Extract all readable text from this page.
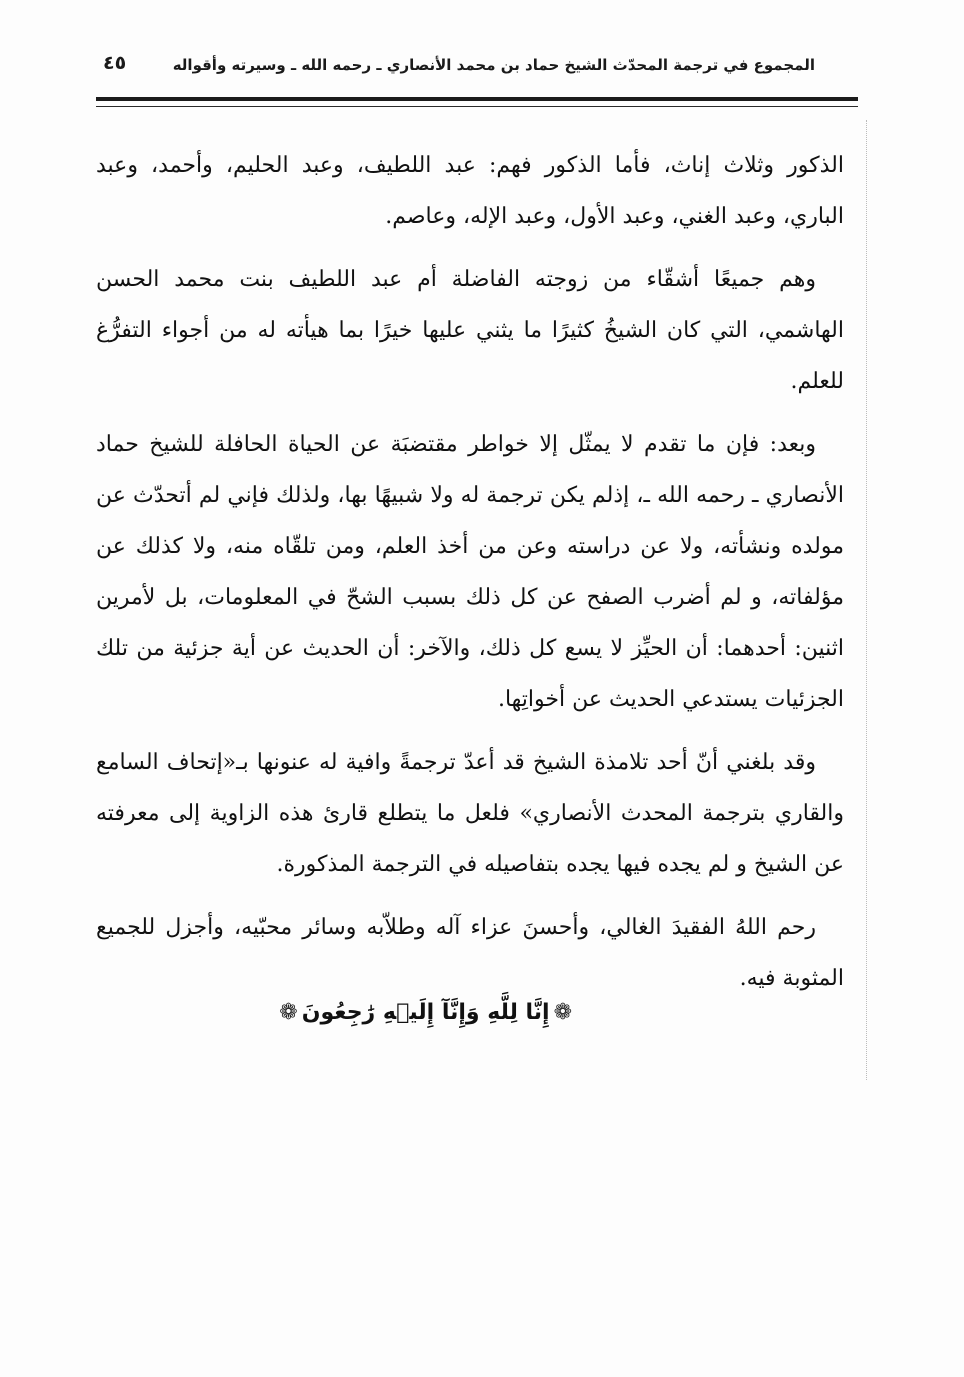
٤٥	المجموع في ترجمة المحدّث الشيخ حماد بن محمد الأنصاري ـ رحمه الله ـ وسيرته وأقواله

الذكور وثلاث إناث، فأما الذكور فهم: عبد اللطيف، وعبد الحليم، وأحمد، وعبد الباري، وعبد الغني، وعبد الأول، وعبد الإله، وعاصم.

وهم جميعًا أشقّاء من زوجته الفاضلة أم عبد اللطيف بنت محمد الحسن الهاشمي، التي كان الشيخُ كثيرًا ما يثني عليها خيرًا بما هيأته له من أجواء التفرُّغ للعلم.

وبعد: فإن ما تقدم لا يمثّل إلا خواطر مقتضبَة عن الحياة الحافلة للشيخ حماد الأنصاري ـ رحمه الله ـ، إذلم يكن ترجمة له ولا شبيهًا بها، ولذلك فإني لم أتحدّث عن مولده ونشأته، ولا عن دراسته وعن من أخذ العلم، ومن تلقّاه منه، ولا كذلك عن مؤلفاته، و لم أضرب الصفح عن كل ذلك بسبب الشحّ في المعلومات، بل لأمرين اثنين: أحدهما: أن الحيِّز لا يسع كل ذلك، والآخر: أن الحديث عن أية جزئية من تلك الجزئيات يستدعي الحديث عن أخواتِها.

وقد بلغني أنّ أحد تلامذة الشيخ قد أعدّ ترجمةً وافية له عنونها بـ«إتحاف السامع والقاري بترجمة المحدث الأنصاري» فلعل ما يتطلع قارئ هذه الزاوية إلى معرفته عن الشيخ و لم يجده فيها يجده بتفاصيله في الترجمة المذكورة.

رحم اللهُ الفقيدَ الغالي، وأحسنَ عزاء آله وطلاّبه وسائر محبّيه، وأجزل للجميع المثوبة فيه.

❁إِنَّا لِلَّهِ وَإِنَّآ إِلَيۡهِ رَٰجِعُونَ❁
